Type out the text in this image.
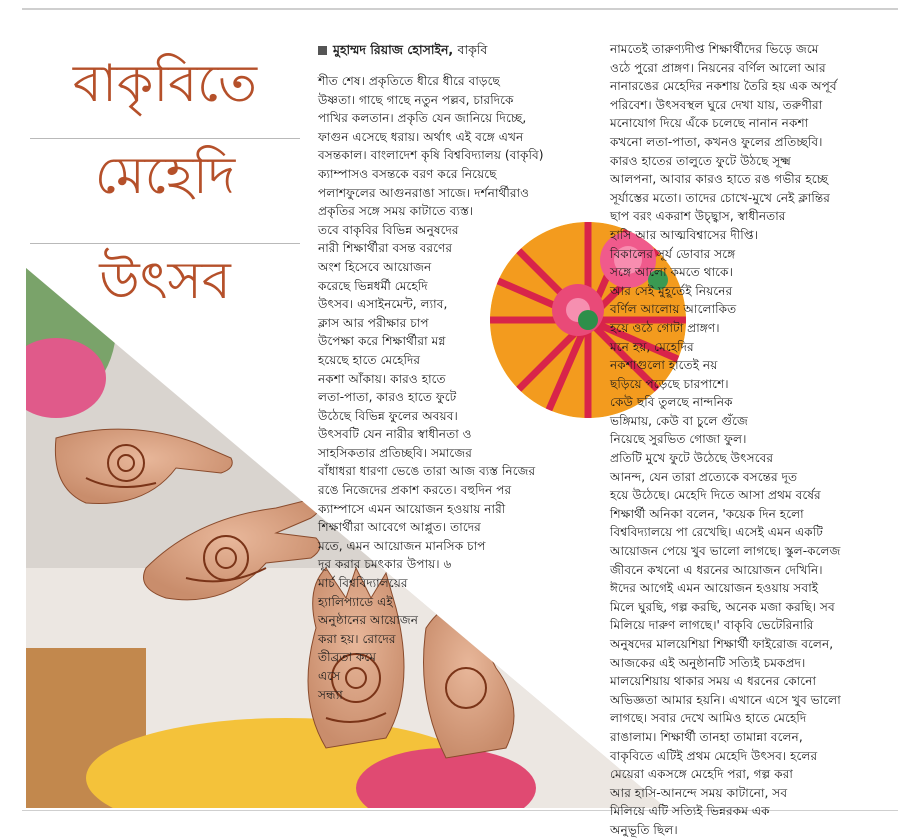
বাকৃবিতে
মেহেদি
উৎসব
মুহাম্মদ রিয়াজ হোসাইন, বাকৃবি
শীত শেষ। প্রকৃতিতে ধীরে ধীরে বাড়ছে
উষ্ণতা। গাছে গাছে নতুন পল্লব, চারদিকে
পাখির কলতান। প্রকৃতি যেন জানিয়ে দিচ্ছে,
ফাগুন এসেছে ধরায়। অর্থাৎ এই বঙ্গে এখন
বসন্তকাল। বাংলাদেশ কৃষি বিশ্ববিদ্যালয় (বাকৃবি)
ক্যাম্পাসও বসন্তকে বরণ করে নিয়েছে
পলাশফুলের আগুনরাঙা সাজে। দর্শনার্থীরাও
প্রকৃতির সঙ্গে সময় কাটাতে ব্যস্ত।
তবে বাকৃবির বিভিন্ন অনুষদের
নারী শিক্ষার্থীরা বসন্ত বরণের
অংশ হিসেবে আয়োজন
করেছে ভিন্নধর্মী মেহেদি
উৎসব। এসাইনমেন্ট, ল্যাব,
ক্লাস আর পরীক্ষার চাপ
উপেক্ষা করে শিক্ষার্থীরা মগ্ন
হয়েছে হাতে মেহেদির
নকশা আঁকায়। কারও হাতে
লতা-পাতা, কারও হাতে ফুটে
উঠেছে বিভিন্ন ফুলের অবয়ব।
উৎসবটি যেন নারীর স্বাধীনতা ও
সাহসিকতার প্রতিচ্ছবি। সমাজের
বাঁধাধরা ধারণা ভেঙে তারা আজ ব্যস্ত নিজের
রঙে নিজেদের প্রকাশ করতে। বহুদিন পর
ক্যাম্পাসে এমন আয়োজন হওয়ায় নারী
শিক্ষার্থীরা আবেগে আপ্লুত। তাদের
মতে, এমন আয়োজন মানসিক চাপ
দূর করার চমৎকার উপায়। ৬
মার্চ বিশ্ববিদ্যালয়ের
হ্যালিপ্যাডে এই
অনুষ্ঠানের আয়োজন
করা হয়। রোদের
তীব্রতা কমে
এসে
সন্ধ্যা
নামতেই তারুণ্যদীপ্ত শিক্ষার্থীদের ভিড়ে জমে
ওঠে পুরো প্রাঙ্গণ। নিয়নের বর্ণিল আলো আর
নানারঙের মেহেদির নকশায় তৈরি হয় এক অপূর্ব
পরিবেশ। উৎসবস্থল ঘুরে দেখা যায়, তরুণীরা
মনোযোগ দিয়ে এঁকে চলেছে নানান নকশা
কখনো লতা-পাতা, কখনও ফুলের প্রতিচ্ছবি।
কারও হাতের তালুতে ফুটে উঠছে সূক্ষ্ম
আলপনা, আবার কারও হাতে রঙ গভীর হচ্ছে
সূর্যাস্তের মতো। তাদের চোখে-মুখে নেই ক্লান্তির
ছাপ বরং একরাশ উচ্ছ্বাস, স্বাধীনতার
হাসি আর আত্মবিশ্বাসের দীপ্তি।
বিকালের সূর্য ডোবার সঙ্গে
সঙ্গে আলো কমতে থাকে।
আর সেই মুহূর্তেই নিয়নের
বর্ণিল আলোয় আলোকিত
হয়ে ওঠে গোটা প্রাঙ্গণ।
মনে হয়, মেহেদির
নকশাগুলো হাতেই নয়
ছড়িয়ে পড়েছে চারপাশে।
কেউ ছবি তুলছে নান্দনিক
ভঙ্গিমায়, কেউ বা চুলে গুঁজে
নিয়েছে সুরভিত গোজা ফুল।
প্রতিটি মুখে ফুটে উঠেছে উৎসবের
আনন্দ, যেন তারা প্রত্যেকে বসন্তের দূত
হয়ে উঠেছে। মেহেদি দিতে আসা প্রথম বর্ষের
শিক্ষার্থী অনিকা বলেন, 'কয়েক দিন হলো
বিশ্ববিদ্যালয়ে পা রেখেছি। এসেই এমন একটি
আয়োজন পেয়ে খুব ভালো লাগছে। স্কুল-কলেজ
জীবনে কখনো এ ধরনের আয়োজন দেখিনি।
ঈদের আগেই এমন আয়োজন হওয়ায় সবাই
মিলে ঘুরছি, গল্প করছি, অনেক মজা করছি। সব
মিলিয়ে দারুণ লাগছে।' বাকৃবি ভেটেরিনারি
অনুষদের মালয়েশিয়া শিক্ষার্থী ফাইরোজ বলেন,
আজকের এই অনুষ্ঠানটি সত্যিই চমকপ্রদ।
মালয়েশিয়ায় থাকার সময় এ ধরনের কোনো
অভিজ্ঞতা আমার হয়নি। এখানে এসে খুব ভালো
লাগছে। সবার দেখে আমিও হাতে মেহেদি
রাঙালাম। শিক্ষার্থী তানহা তামান্না বলেন,
বাকৃবিতে এটিই প্রথম মেহেদি উৎসব। হলের
মেয়েরা একসঙ্গে মেহেদি পরা, গল্প করা
আর হাসি-আনন্দে সময় কাটানো, সব
মিলিয়ে এটি সত্যিই ভিন্নরকম এক
অনুভূতি ছিল।
